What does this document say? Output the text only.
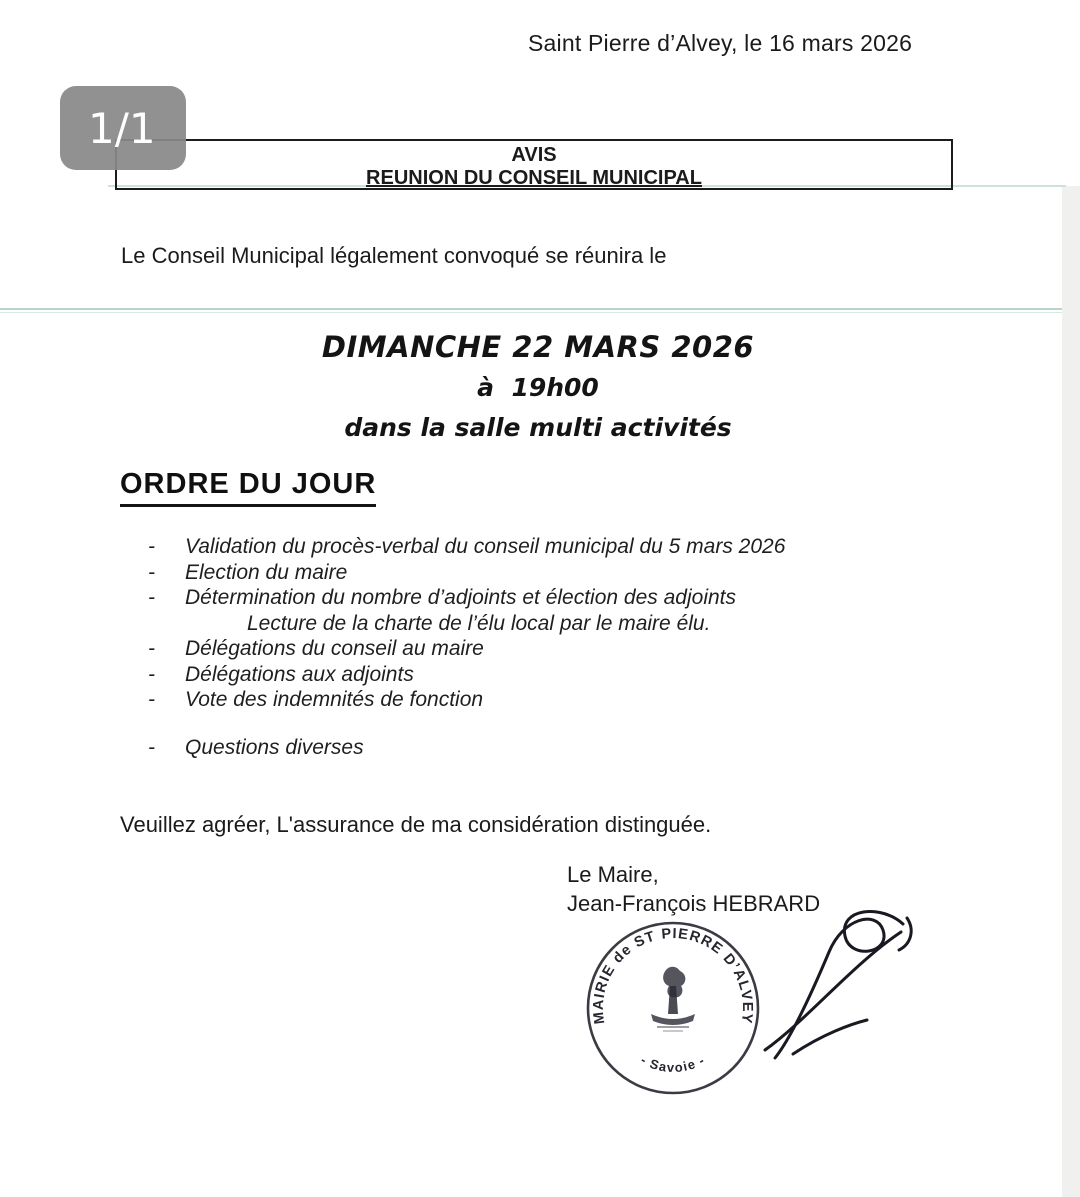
Saint Pierre d’Alvey, le 16 mars 2026
AVIS
REUNION DU CONSEIL MUNICIPAL
1/1
Le Conseil Municipal légalement convoqué se réunira le
DIMANCHE 22 MARS 2026
à  19h00
dans la salle multi activités
ORDRE DU JOUR
-	Validation du procès-verbal du conseil municipal du 5 mars 2026
-	Election du maire
-	Détermination du nombre d’adjoints et élection des adjoints
Lecture de la charte de l’élu local par le maire élu.
-	Délégations du conseil au maire
-	Délégations aux adjoints
-	Vote des indemnités de fonction
-	Questions diverses
Veuillez agréer, L'assurance de ma considération distinguée.
Le Maire,
Jean-François HEBRARD
MAIRIE de ST PIERRE D’ALVEY
- Savoie -
